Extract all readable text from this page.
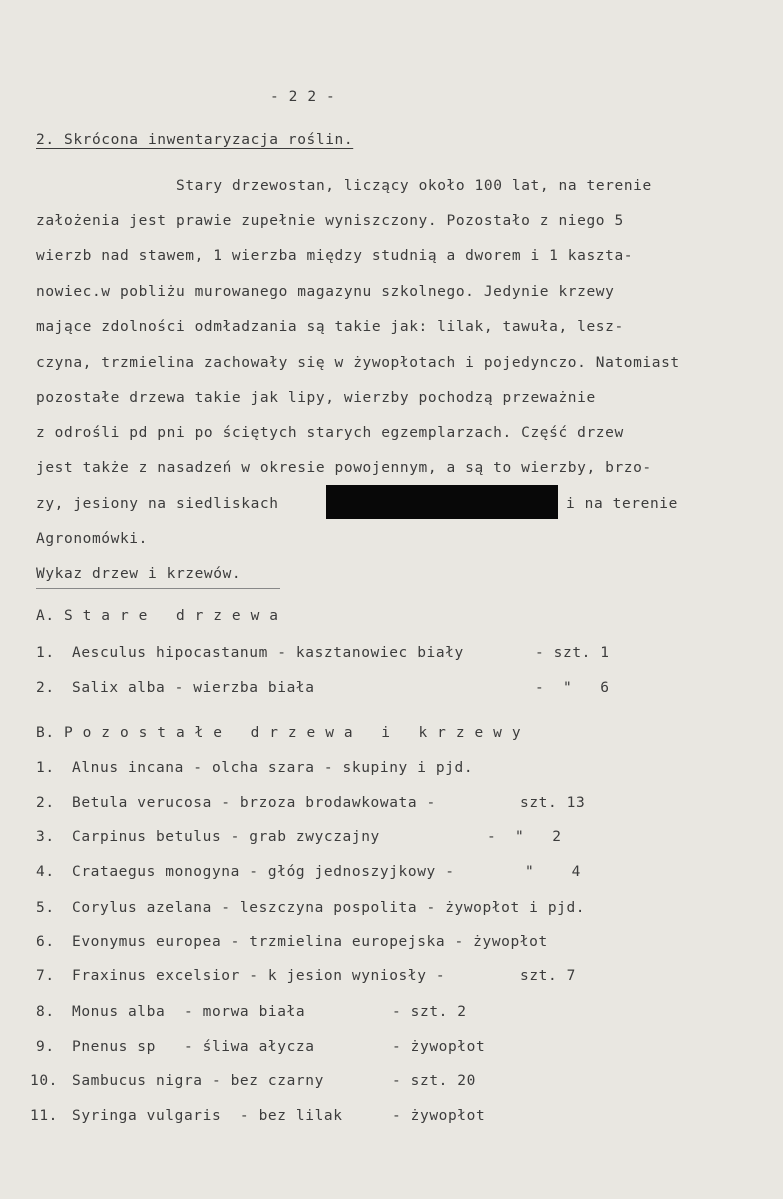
- 2 2 -
2. Skrócona inwentaryzacja roślin.
Stary drzewostan, liczący około 100 lat, na terenie
założenia jest prawie zupełnie wyniszczony. Pozostało z niego 5
wierzb nad stawem, 1 wierzba między studnią a dworem i 1 kaszta-
nowiec.w pobliżu murowanego magazynu szkolnego. Jedynie krzewy
mające zdolności odmładzania są takie jak: lilak, tawuła, lesz-
czyna, trzmielina zachowały się w żywopłotach i pojedynczo. Natomiast
pozostałe drzewa takie jak lipy, wierzby pochodzą przeważnie
z odrośli pd pni po ściętych starych egzemplarzach. Część drzew
jest także z nasadzeń w okresie powojennym, a są to wierzby, brzo-
zy, jesiony na siedliskach	i na terenie
Agronomówki.
Wykaz drzew i krzewów.
A. S t a r e   d r z e w a
1. Aesculus hipocastanum - kasztanowiec biały	- szt. 1
2. Salix alba - wierzba biała	-  "   6
B. P o z o s t a ł e   d r z e w a   i   k r z e w y
1. Alnus incana - olcha szara - skupiny i pjd.
2. Betula verucosa - brzoza brodawkowata -	szt. 13
3. Carpinus betulus - grab zwyczajny	-  "   2
4. Crataegus monogyna - głóg jednoszyjkowy -	"    4
5. Corylus azelana - leszczyna pospolita - żywopłot i pjd.
6. Evonymus europea - trzmielina europejska - żywopłot
7. Fraxinus excelsior - k jesion wyniosły -	szt. 7
8. Monus alba  - morwa biała	- szt. 2
9. Pnenus sp   - śliwa ałycza	- żywopłot
10. Sambucus nigra - bez czarny	- szt. 20
11. Syringa vulgaris  - bez lilak	- żywopłot
